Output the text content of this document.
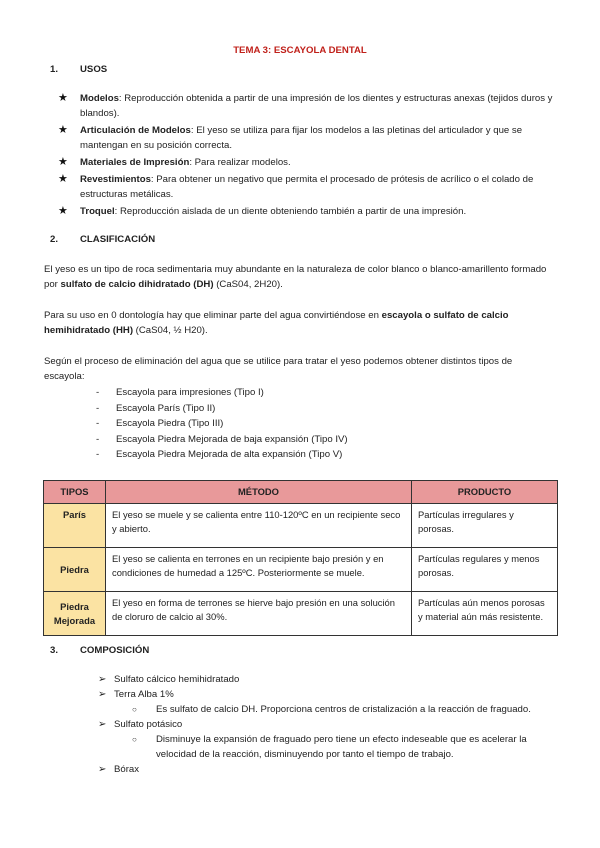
TEMA 3: ESCAYOLA DENTAL
1. USOS
★ Modelos: Reproducción obtenida a partir de una impresión de los dientes y estructuras anexas (tejidos duros y blandos).
★ Articulación de Modelos: El yeso se utiliza para fijar los modelos a las pletinas del articulador y que se mantengan en su posición correcta.
★ Materiales de Impresión: Para realizar modelos.
★ Revestimientos: Para obtener un negativo que permita el procesado de prótesis de acrílico o el colado de estructuras metálicas.
★ Troquel: Reproducción aislada de un diente obteniendo también a partir de una impresión.
2. CLASIFICACIÓN
El yeso es un tipo de roca sedimentaria muy abundante en la naturaleza de color blanco o blanco-amarillento formado por sulfato de calcio dihidratado (DH) (CaS04, 2H20).
Para su uso en 0 dontología hay que eliminar parte del agua convirtiéndose en escayola o sulfato de calcio hemihidratado (HH) (CaS04, ½ H20).
Según el proceso de eliminación del agua que se utilice para tratar el yeso podemos obtener distintos tipos de escayola:
- Escayola para impresiones (Tipo I)
- Escayola París (Tipo II)
- Escayola Piedra (Tipo III)
- Escayola Piedra Mejorada de baja expansión (Tipo IV)
- Escayola Piedra Mejorada de alta expansión (Tipo V)
TIPOS	MÉTODO	PRODUCTO
París	El yeso se muele y se calienta entre 110-120ºC en un recipiente seco y abierto.	Partículas irregulares y porosas.
Piedra	El yeso se calienta en terrones en un recipiente bajo presión y en condiciones de humedad a 125ºC. Posteriormente se muele.	Partículas regulares y menos porosas.
Piedra Mejorada	El yeso en forma de terrones se hierve bajo presión en una solución de cloruro de calcio al 30%.	Partículas aún menos porosas y material aún más resistente.
3. COMPOSICIÓN
➢ Sulfato cálcico hemihidratado
➢ Terra Alba 1%
○ Es sulfato de calcio DH. Proporciona centros de cristalización a la reacción de fraguado.
➢ Sulfato potásico
○ Disminuye la expansión de fraguado pero tiene un efecto indeseable que es acelerar la velocidad de la reacción, disminuyendo por tanto el tiempo de trabajo.
➢ Bórax
